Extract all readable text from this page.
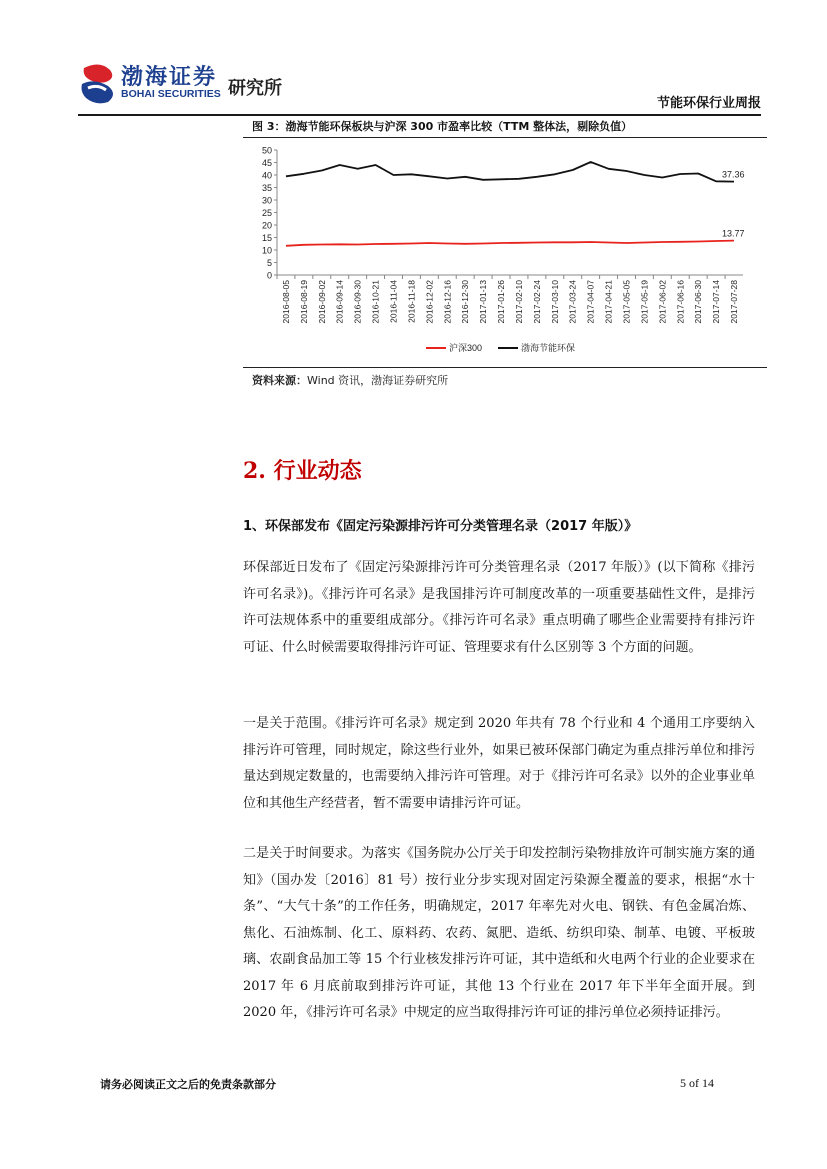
渤海证券
BOHAI SECURITIES 研究所
节能环保行业周报
图 3：渤海节能环保板块与沪深 300 市盈率比较（TTM 整体法，剔除负值）
0
5
10
15
20
25
30
35
40
45
50
2016-08-05 2016-08-19 2016-09-02 2016-09-14 2016-09-30 2016-10-21 2016-11-04 2016-11-18 2016-12-02 2016-12-16 2016-12-30 2017-01-13 2017-01-26 2017-02-10 2017-02-24 2017-03-10 2017-03-24 2017-04-07 2017-04-21 2017-05-05 2017-05-19 2017-06-02 2017-06-16 2017-06-30 2017-07-14 2017-07-28
13.77
37.36
沪深300	渤海节能环保
资料来源：Wind 资讯，渤海证券研究所
2. 行业动态
1、环保部发布《固定污染源排污许可分类管理名录（2017 年版）》

环保部近日发布了《固定污染源排污许可分类管理名录（2017 年版）》(以下简称《排污许可名录》)。《排污许可名录》是我国排污许可制度改革的一项重要基础性文件，是排污许可法规体系中的重要组成部分。《排污许可名录》重点明确了哪些企业需要持有排污许可证、什么时候需要取得排污许可证、管理要求有什么区别等 3 个方面的问题。

一是关于范围。《排污许可名录》规定到 2020 年共有 78 个行业和 4 个通用工序要纳入排污许可管理，同时规定，除这些行业外，如果已被环保部门确定为重点排污单位和排污量达到规定数量的，也需要纳入排污许可管理。对于《排污许可名录》以外的企业事业单位和其他生产经营者，暂不需要申请排污许可证。

二是关于时间要求。为落实《国务院办公厅关于印发控制污染物排放许可制实施方案的通知》（国办发〔2016〕81 号）按行业分步实现对固定污染源全覆盖的要求，根据“水十条”、“大气十条”的工作任务，明确规定，2017 年率先对火电、钢铁、有色金属冶炼、焦化、石油炼制、化工、原料药、农药、氮肥、造纸、纺织印染、制革、电镀、平板玻璃、农副食品加工等 15 个行业核发排污许可证，其中造纸和火电两个行业的企业要求在 2017 年 6 月底前取到排污许可证，其他 13 个行业在 2017 年下半年全面开展。到 2020 年，《排污许可名录》中规定的应当取得排污许可证的排污单位必须持证排污。

请务必阅读正文之后的免责条款部分	5 of 14
